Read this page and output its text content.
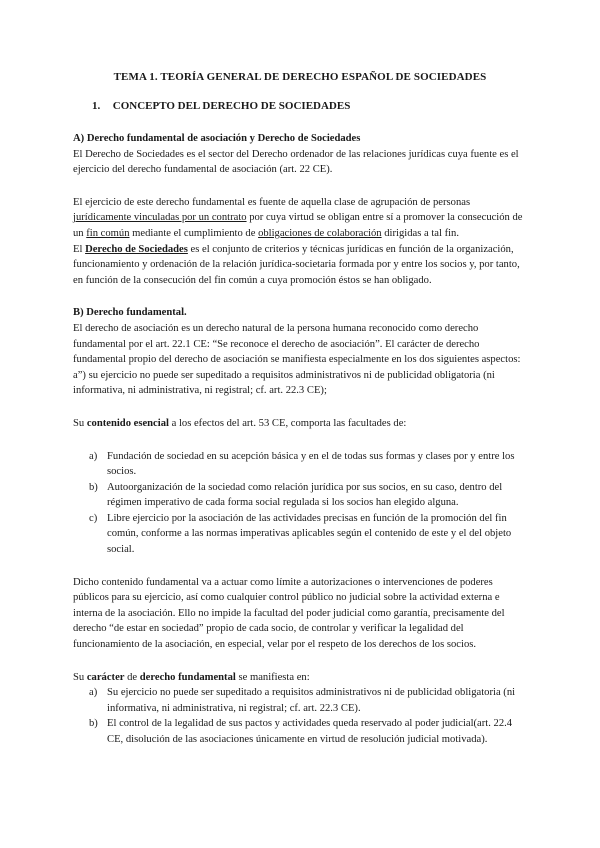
TEMA 1. TEORÍA GENERAL DE DERECHO ESPAÑOL DE SOCIEDADES
1. CONCEPTO DEL DERECHO DE SOCIEDADES

A) Derecho fundamental de asociación y Derecho de Sociedades

El Derecho de Sociedades es el sector del Derecho ordenador de las relaciones jurídicas cuya fuente es el ejercicio del derecho fundamental de asociación (art. 22 CE).

El ejercicio de este derecho fundamental es fuente de aquella clase de agrupación de personas jurídicamente vinculadas por un contrato por cuya virtud se obligan entre sí a promover la consecución de un fin común mediante el cumplimiento de obligaciones de colaboración dirigidas a tal fin.

El Derecho de Sociedades es el conjunto de criterios y técnicas jurídicas en función de la organización, funcionamiento y ordenación de la relación jurídica-societaria formada por y entre los socios y, por tanto, en función de la consecución del fin común a cuya promoción éstos se han obligado.

B) Derecho fundamental.

El derecho de asociación es un derecho natural de la persona humana reconocido como derecho fundamental por el art. 22.1 CE: “Se reconoce el derecho de asociación”. El carácter de derecho fundamental propio del derecho de asociación se manifiesta especialmente en los dos siguientes aspectos: a”) su ejercicio no puede ser supeditado a requisitos administrativos ni de publicidad obligatoria (ni informativa, ni administrativa, ni registral; cf. art. 22.3 CE);

Su contenido esencial a los efectos del art. 53 CE, comporta las facultades de:

a) Fundación de sociedad en su acepción básica y en el de todas sus formas y clases por y entre los socios.
b) Autoorganización de la sociedad como relación jurídica por sus socios, en su caso, dentro del régimen imperativo de cada forma social regulada si los socios han elegido alguna.
c) Libre ejercicio por la asociación de las actividades precisas en función de la promoción del fin común, conforme a las normas imperativas aplicables según el contenido de este y el del objeto social.

Dicho contenido fundamental va a actuar como límite a autorizaciones o intervenciones de poderes públicos para su ejercicio, así como cualquier control público no judicial sobre la actividad externa e interna de la asociación. Ello no impide la facultad del poder judicial como garantía, precisamente del derecho “de estar en sociedad” propio de cada socio, de controlar y verificar la legalidad del funcionamiento de la asociación, en especial, velar por el respeto de los derechos de los socios.

Su carácter de derecho fundamental se manifiesta en:

a) Su ejercicio no puede ser supeditado a requisitos administrativos ni de publicidad obligatoria (ni informativa, ni administrativa, ni registral; cf. art. 22.3 CE).
b) El control de la legalidad de sus pactos y actividades queda reservado al poder judicial(art. 22.4 CE, disolución de las asociaciones únicamente en virtud de resolución judicial motivada).
